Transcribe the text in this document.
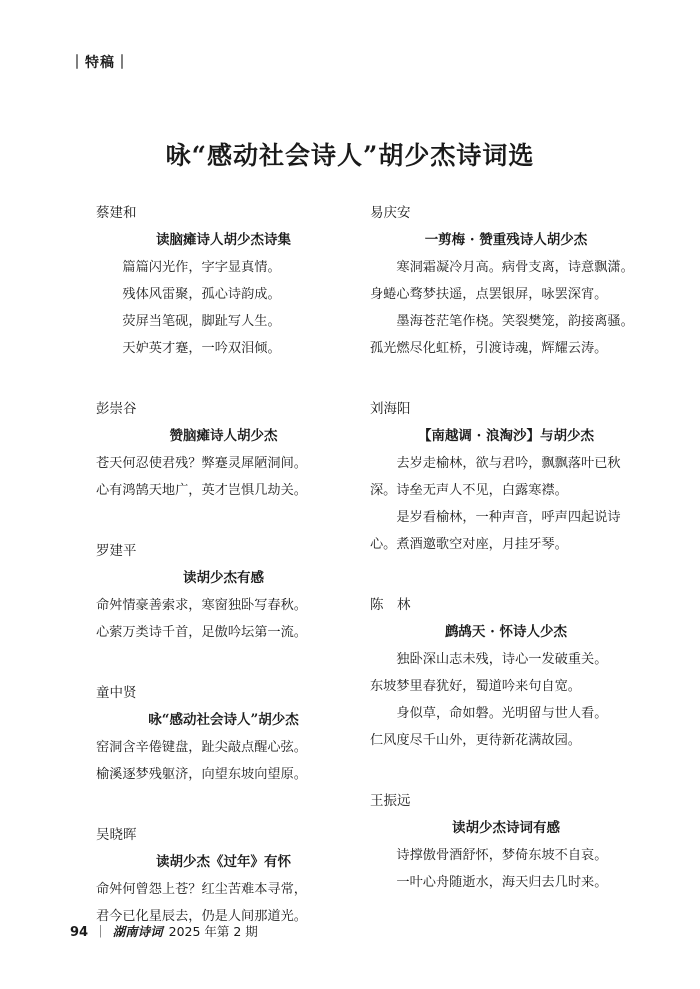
｜特稿｜
咏“感动社会诗人”胡少杰诗词选
蔡建和
读脑瘫诗人胡少杰诗集
篇篇闪光作，字字显真情。
残体风雷聚，孤心诗韵成。
荧屏当笔砚，脚趾写人生。
天妒英才蹇，一吟双泪倾。
彭崇谷
赞脑瘫诗人胡少杰
苍天何忍使君残？弊蹇灵犀陋洞间。
心有鸿鹄天地广，英才岂惧几劫关。
罗建平
读胡少杰有感
命舛情豪善索求，寒窗独卧写春秋。
心萦万类诗千首，足傲吟坛第一流。
童中贤
咏“感动社会诗人”胡少杰
窑洞含辛倦键盘，趾尖敲点醒心弦。
榆溪逐梦残躯济，向望东坡向望原。
吴晓晖
读胡少杰《过年》有怀
命舛何曾怨上苍？红尘苦难本寻常，
君今已化星辰去，仍是人间那道光。
易庆安
一剪梅 · 赞重残诗人胡少杰
寒洞霜凝冷月高。病骨支离，诗意飘潇。
身蜷心骛梦扶遥，点罢银屏，咏罢深宵。
墨海苍茫笔作桡。笑裂樊笼，韵接离骚。
孤光燃尽化虹桥，引渡诗魂，辉耀云涛。
刘海阳
【南越调 · 浪淘沙】与胡少杰
去岁走榆林，欲与君吟，飘飘落叶已秋
深。诗垒无声人不见，白露寒襟。
是岁看榆林，一种声音，呼声四起说诗
心。煮酒邀歌空对座，月挂牙琴。
陈　林
鹧鸪天 · 怀诗人少杰
独卧深山志未残，诗心一发破重关。
东坡梦里春犹好，蜀道吟来句自宽。
身似草，命如磐。光明留与世人看。
仁风度尽千山外，更待新花满故园。
王振远
读胡少杰诗词有感
诗撑傲骨酒舒怀，梦倚东坡不自哀。
一叶心舟随逝水，海天归去几时来。
94 ｜ 湖南诗词 2025 年第 2 期
